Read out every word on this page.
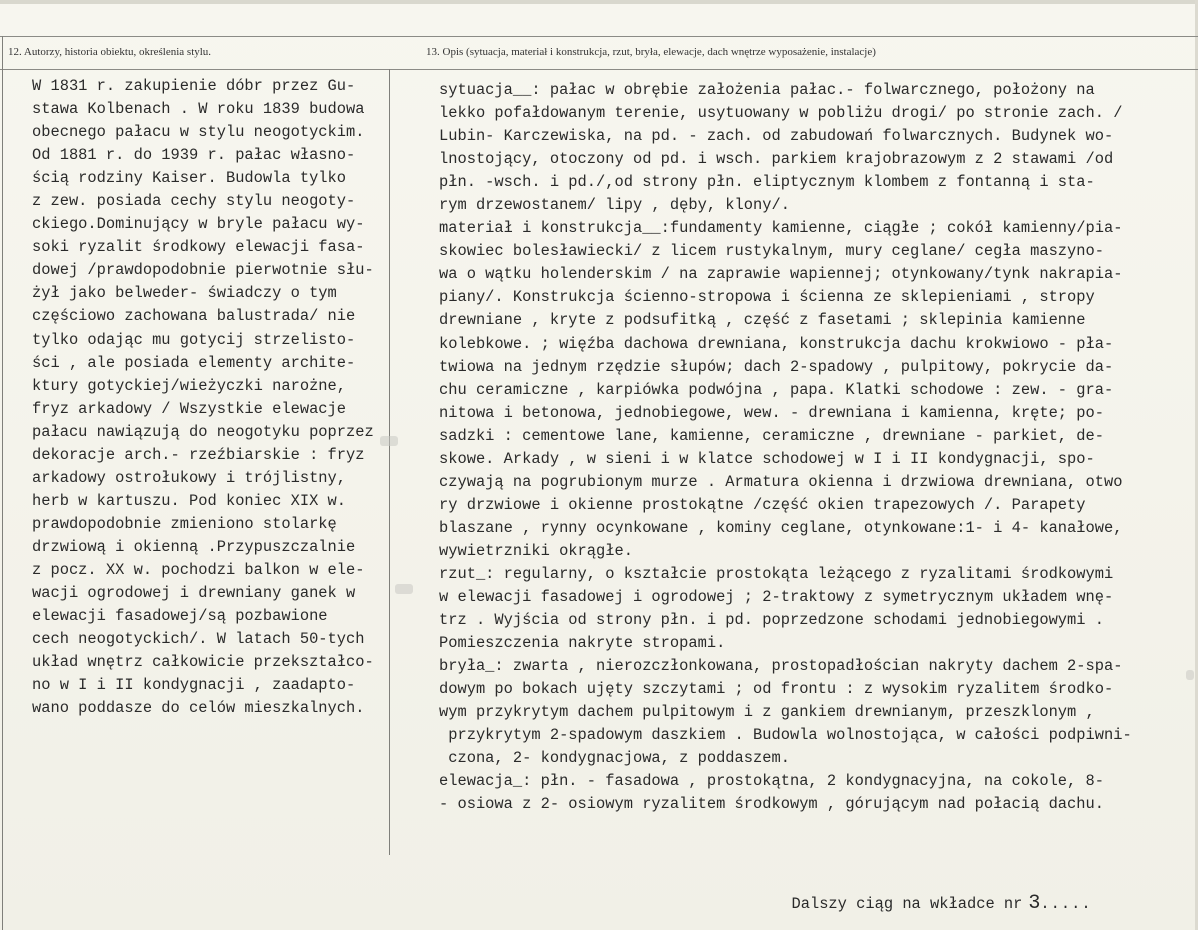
12. Autorzy, historia obiektu, określenia stylu.	13. Opis (sytuacja, materiał i konstrukcja, rzut, bryła, elewacje, dach wnętrze wyposażenie, instalacje)
W 1831 r. zakupienie dóbr przez Gu-
stawa Kolbenach . W roku 1839 budowa
obecnego pałacu w stylu neogotyckim.
Od 1881 r. do 1939 r. pałac własno-
ścią rodziny Kaiser. Budowla tylko
z zew. posiada cechy stylu neogoty-
ckiego.Dominujący w bryle pałacu wy-
soki ryzalit środkowy elewacji fasa-
dowej /prawdopodobnie pierwotnie słu-
żył jako belweder- świadczy o tym
częściowo zachowana balustrada/ nie
tylko odając mu gotycij strzelisto-
ści , ale posiada elementy archite-
ktury gotyckiej/wieżyczki narożne,
fryz arkadowy / Wszystkie elewacje
pałacu nawiązują do neogotyku poprzez
dekoracje arch.- rzeźbiarskie : fryz
arkadowy ostrołukowy i trójlistny,
herb w kartuszu. Pod koniec XIX w.
prawdopodobnie zmieniono stolarkę
drzwiową i okienną .Przypuszczalnie
z pocz. XX w. pochodzi balkon w ele-
wacji ogrodowej i drewniany ganek w
elewacji fasadowej/są pozbawione
cech neogotyckich/. W latach 50-tych
układ wnętrz całkowicie przekształco-
no w I i II kondygnacji , zaadapto-
wano poddasze do celów mieszkalnych.
sytuacja__: pałac w obrębie założenia pałac.- folwarcznego, położony na
lekko pofałdowanym terenie, usytuowany w pobliżu drogi/ po stronie zach. /
Lubin- Karczewiska, na pd. - zach. od zabudowań folwarcznych. Budynek wo-
lnostojący, otoczony od pd. i wsch. parkiem krajobrazowym z 2 stawami /od
płn. -wsch. i pd./,od strony płn. eliptycznym klombem z fontanną i sta-
rym drzewostanem/ lipy , dęby, klony/.
materiał i konstrukcja__:fundamenty kamienne, ciągłe ; cokół kamienny/pia-
skowiec bolesławiecki/ z licem rustykalnym, mury ceglane/ cegła maszyno-
wa o wątku holenderskim / na zaprawie wapiennej; otynkowany/tynk nakrapia-
piany/. Konstrukcja ścienno-stropowa i ścienna ze sklepieniami , stropy
drewniane , kryte z podsufitką , część z fasetami ; sklepinia kamienne
kolebkowe. ; więźba dachowa drewniana, konstrukcja dachu krokwiowo - pła-
twiowa na jednym rzędzie słupów; dach 2-spadowy , pulpitowy, pokrycie da-
chu ceramiczne , karpiówka podwójna , papa. Klatki schodowe : zew. - gra-
nitowa i betonowa, jednobiegowe, wew. - drewniana i kamienna, kręte; po-
sadzki : cementowe lane, kamienne, ceramiczne , drewniane - parkiet, de-
skowe. Arkady , w sieni i w klatce schodowej w I i II kondygnacji, spo-
czywają na pogrubionym murze . Armatura okienna i drzwiowa drewniana, otwo
ry drzwiowe i okienne prostokątne /część okien trapezowych /. Parapety
blaszane , rynny ocynkowane , kominy ceglane, otynkowane:1- i 4- kanałowe,
wywietrzniki okrągłe.
rzut_: regularny, o kształcie prostokąta leżącego z ryzalitami środkowymi
w elewacji fasadowej i ogrodowej ; 2-traktowy z symetrycznym układem wnę-
trz . Wyjścia od strony płn. i pd. poprzedzone schodami jednobiegowymi .
Pomieszczenia nakryte stropami.
bryła_: zwarta , nierozczłonkowana, prostopadłościan nakryty dachem 2-spa-
dowym po bokach ujęty szczytami ; od frontu : z wysokim ryzalitem środko-
wym przykrytym dachem pulpitowym i z gankiem drewnianym, przeszklonym ,
przykrytym 2-spadowym daszkiem . Budowla wolnostojąca, w całości podpiwni-
czona, 2- kondygnacjowa, z poddaszem.
elewacja_: płn. - fasadowa , prostokątna, 2 kondygnacyjna, na cokole, 8-
- osiowa z 2- osiowym ryzalitem środkowym , górującym nad połacią dachu.

Dalszy ciąg na wkładce nr 3.....
